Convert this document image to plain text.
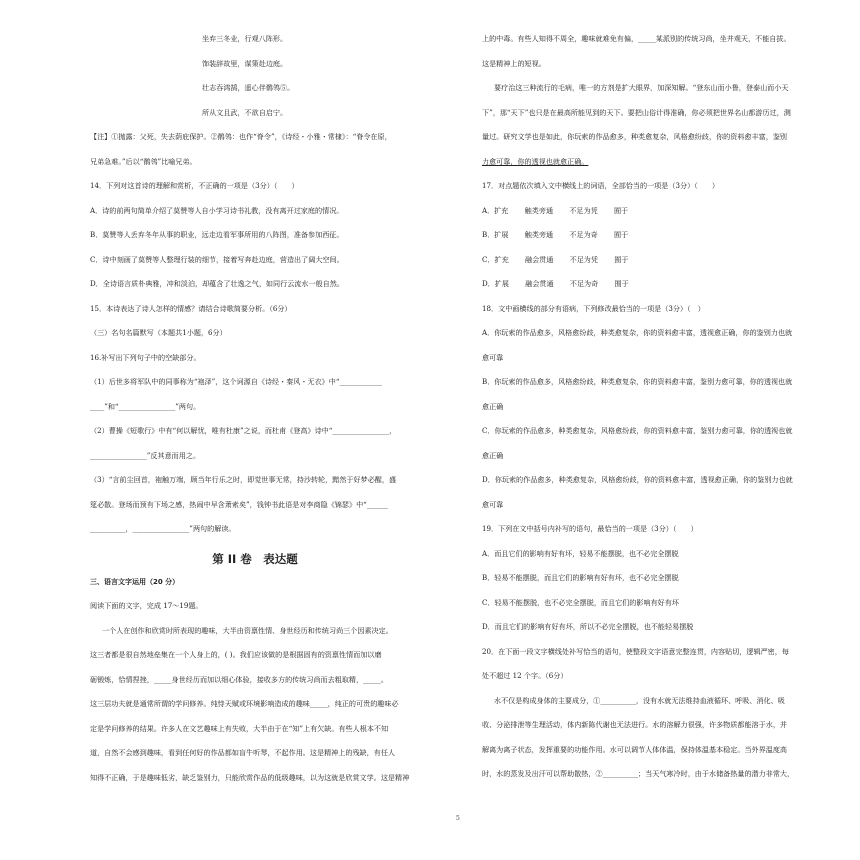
坐弃三冬业，行观八阵形。
饰装辞故里，谋策赴边庭。
壮志吞鸿鹄，遥心伴鹡鸰⑤。
所从文且武，不欲自启宁。
【注】①抛露：父死，失去荫庇保护。②鹡鸰：也作“脊令”，《诗经・小雅・常棣》：“脊令在原，
兄弟急难。”后以“鹡鸰”比喻兄弟。
14．下列对这首诗的理解和赏析，不正确的一项是（3分）（　　）
A．诗的前两句简单介绍了莫赞等人自小学习诗书礼教，没有离开过家庭的情况。
B．莫赞等人丢弃冬年从事的职业，远走边看军事所用的八阵图，准备参加西征。
C．诗中刻画了莫赞等人整理行装的细节，接着写奔赴边庭，营造出了阔大空间。
D．全诗语言质朴典雅，冲和淡泊，却蕴含了壮逸之气，如同行云流水一般自然。
15．本诗表达了诗人怎样的情感？请结合诗歌简要分析。（6分）
（三）名句名篇默写（本题共1小题，6分）
16.补写出下列句子中的空缺部分。
（1）后世多将军队中的同事称为“袍泽”，这个词源自《诗经・秦风・无衣》中“____________
____”和“________________”两句。
（2）曹操《短歌行》中有“何以解忧，唯有杜康”之说，而杜甫《登高》诗中“________________，
________________”反其意而用之。
（3）“言前尘回首，袍触万端，顾当年行乐之时，即觉世事无常，持沙转轮，黯然于好梦必醒，盛
筵必散。登场而预有下场之感，热闹中早含萧索矣”，钱钟书此语是对李商隐《锦瑟》中“______
__________，________________”两句的解读。
第 II 卷　表达题
三、语言文字运用（20 分）
阅读下面的文字，完成 17～19题。
一个人在创作和欣赏时所表现的趣味，大半由资禀性情、身世经历和传统习尚三个因素决定。
这三者都是很自然地垒集在一个人身上的，( )。我们应该做的是根据固有的资禀性情而加以磨
砺锻炼，恰情捏挫，_____身世经历而加以细心体验，接收多方的传统习尚而去粗取精，_____。
这三层功夫就是通常所谓的学问修养。纯恃天赋或环境影响造成的趣味_____，纯正的可贵的趣味必
定是学问修养的结果。许多人在文艺趣味上有失败，大半由于在“知”上有欠缺。有些人根本不知
道，自然不会感到趣味，看到任何好的作品都如盲牛听琴，不起作用。这是精神上的残缺，有任人
知得不正确，于是趣味低劣，缺乏鉴别力，只能欣赏作品的低级趣味，以为这就是欣赏文学。这是精神
上的中毒。有些人知得不周全，趣味就难免有偏，_____某派别的传统习尚，坐井观天，不能自拔。
这是精神上的短视。
要疗治这三种流行的毛病，唯一的方剂是扩大眼界，加深知解。“登东山而小鲁，登泰山而小天
下”，那“天下”也只是在最高所能见到的天下。要把山俗计得准确，你必须把世界名山都游历过，测
量过。研究文学也是如此，你玩索的作品愈多，种类愈复杂，风格愈纷歧，你的资料愈丰富，鉴别
力愈可靠，你的透视也就愈正确。
17．对点题依次填入文中横线上的词语，全部恰当的一项是（3分）（　　）
A．扩充 触类旁通 不足为凭 囿于
B．扩展 触类旁通 不足为奇 囿于
C．扩充 融会贯通 不足为凭 囿于
D．扩展 融会贯通 不足为奇 囿于
18．文中画横线的部分有语病，下列修改最恰当的一项是（3分）（　）
A．你玩索的作品愈多，风格愈纷歧，种类愈复杂，你的资料愈丰富，透视愈正确，你的鉴别力也就
愈可靠
B．你玩索的作品愈多，风格愈纷歧，种类愈复杂，你的资料愈丰富，鉴别力愈可靠，你的透视也就
愈正确
C．你玩索的作品愈多，种类愈复杂，风格愈纷歧，你的资料愈丰富，鉴别力愈可靠，你的透视也就
愈正确
D．你玩索的作品愈多，种类愈复杂，风格愈纷歧，你的资料愈丰富，透视愈正确，你的鉴别力也就
愈可靠
19．下列在文中括号内补写的语句，最恰当的一项是（3分）（　　）
A．而且它们的影响有好有坏，轻易不能摆脱，也不必完全摆脱
B．轻易不能摆脱，而且它们的影响有好有坏，也不必完全摆脱
C．轻易不能摆脱，也不必完全摆脱，而且它们的影响有好有坏
D．而且它们的影响有好有坏，所以不必完全摆脱，也不能轻易摆脱
20．在下面一段文字横线处补写恰当的语句，使整段文字语意完整连贯，内容贴切，逻辑严密，每
处不超过 12 个字。（6分）
水不仅是构成身体的主要成分，①__________，没有水就无法维持血液循环、呼吸、消化、吸
收、分泌排泄等生理活动，体内新陈代谢也无法进行。水的溶解力很强，许多物质都能溶于水，并
解离为离子状态，发挥重要的功能作用。水可以调节人体体温，保持体温基本稳定。当外界温度高
时，水的蒸发及出汗可以帮助散热，②__________；当天气寒冷时，由于水储备热量的潜力非常大，
5
